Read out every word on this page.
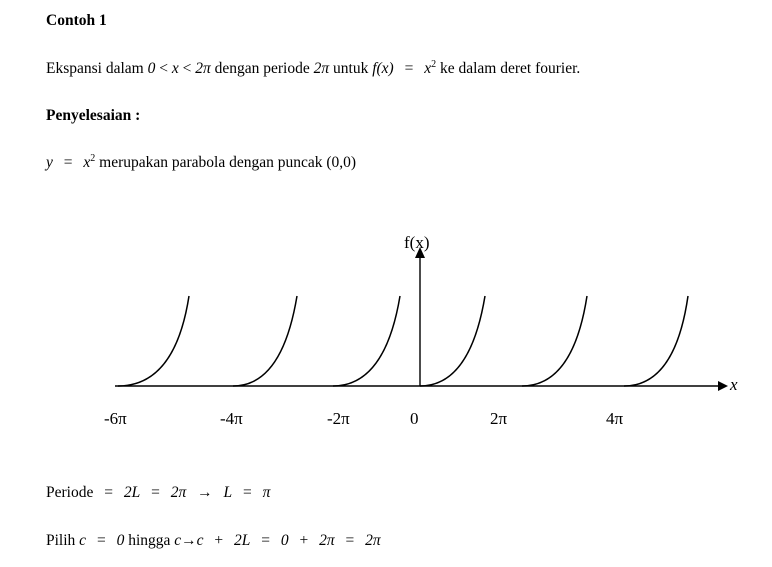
Contoh 1
Ekspansi dalam 0 < x < 2π dengan periode 2π untuk $f(x) = x^2$ ke dalam deret fourier.
Penyelesaian :
$y = x^2$ merupakan parabola dengan puncak (0,0)
f(x)
x
-6π	-4π	-2π	0	2π	4π
Periode = 2L = 2π → L = π
Pilih c = 0 hingga c→c + 2L = 0 + 2π = 2π
